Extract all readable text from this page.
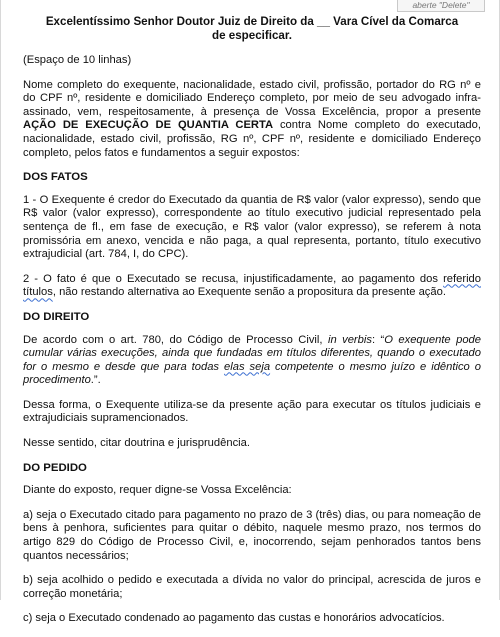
aberte "Delete"
Excelentíssimo Senhor Doutor Juiz de Direito da __ Vara Cível da Comarca
de especificar.

(Espaço de 10 linhas)

Nome completo do exequente, nacionalidade, estado civil, profissão, portador do RG nº e do CPF nº, residente e domiciliado Endereço completo, por meio de seu advogado infra-assinado, vem, respeitosamente, à presença de Vossa Excelência, propor a presente AÇÃO DE EXECUÇÃO DE QUANTIA CERTA contra Nome completo do executado, nacionalidade, estado civil, profissão, RG nº, CPF nº, residente e domiciliado Endereço completo, pelos fatos e fundamentos a seguir expostos:

DOS FATOS

1 - O Exequente é credor do Executado da quantia de R$ valor (valor expresso), sendo que R$ valor (valor expresso), correspondente ao título executivo judicial representado pela sentença de fl., em fase de execução, e R$ valor (valor expresso), se referem à nota promissória em anexo, vencida e não paga, a qual representa, portanto, título executivo extrajudicial (art. 784, I, do CPC).

2 - O fato é que o Executado se recusa, injustificadamente, ao pagamento dos referido títulos, não restando alternativa ao Exequente senão a propositura da presente ação.

DO DIREITO

De acordo com o art. 780, do Código de Processo Civil, in verbis: “O exequente pode cumular várias execuções, ainda que fundadas em títulos diferentes, quando o executado for o mesmo e desde que para todas elas seja competente o mesmo juízo e idêntico o procedimento.”.

Dessa forma, o Exequente utiliza-se da presente ação para executar os títulos judiciais e extrajudiciais supramencionados.

Nesse sentido, citar doutrina e jurisprudência.

DO PEDIDO

Diante do exposto, requer digne-se Vossa Excelência:

a) seja o Executado citado para pagamento no prazo de 3 (três) dias, ou para nomeação de bens à penhora, suficientes para quitar o débito, naquele mesmo prazo, nos termos do artigo 829 do Código de Processo Civil, e, inocorrendo, sejam penhorados tantos bens quantos necessários;

b) seja acolhido o pedido e executada a dívida no valor do principal, acrescida de juros e correção monetária;

c) seja o Executado condenado ao pagamento das custas e honorários advocatícios.
